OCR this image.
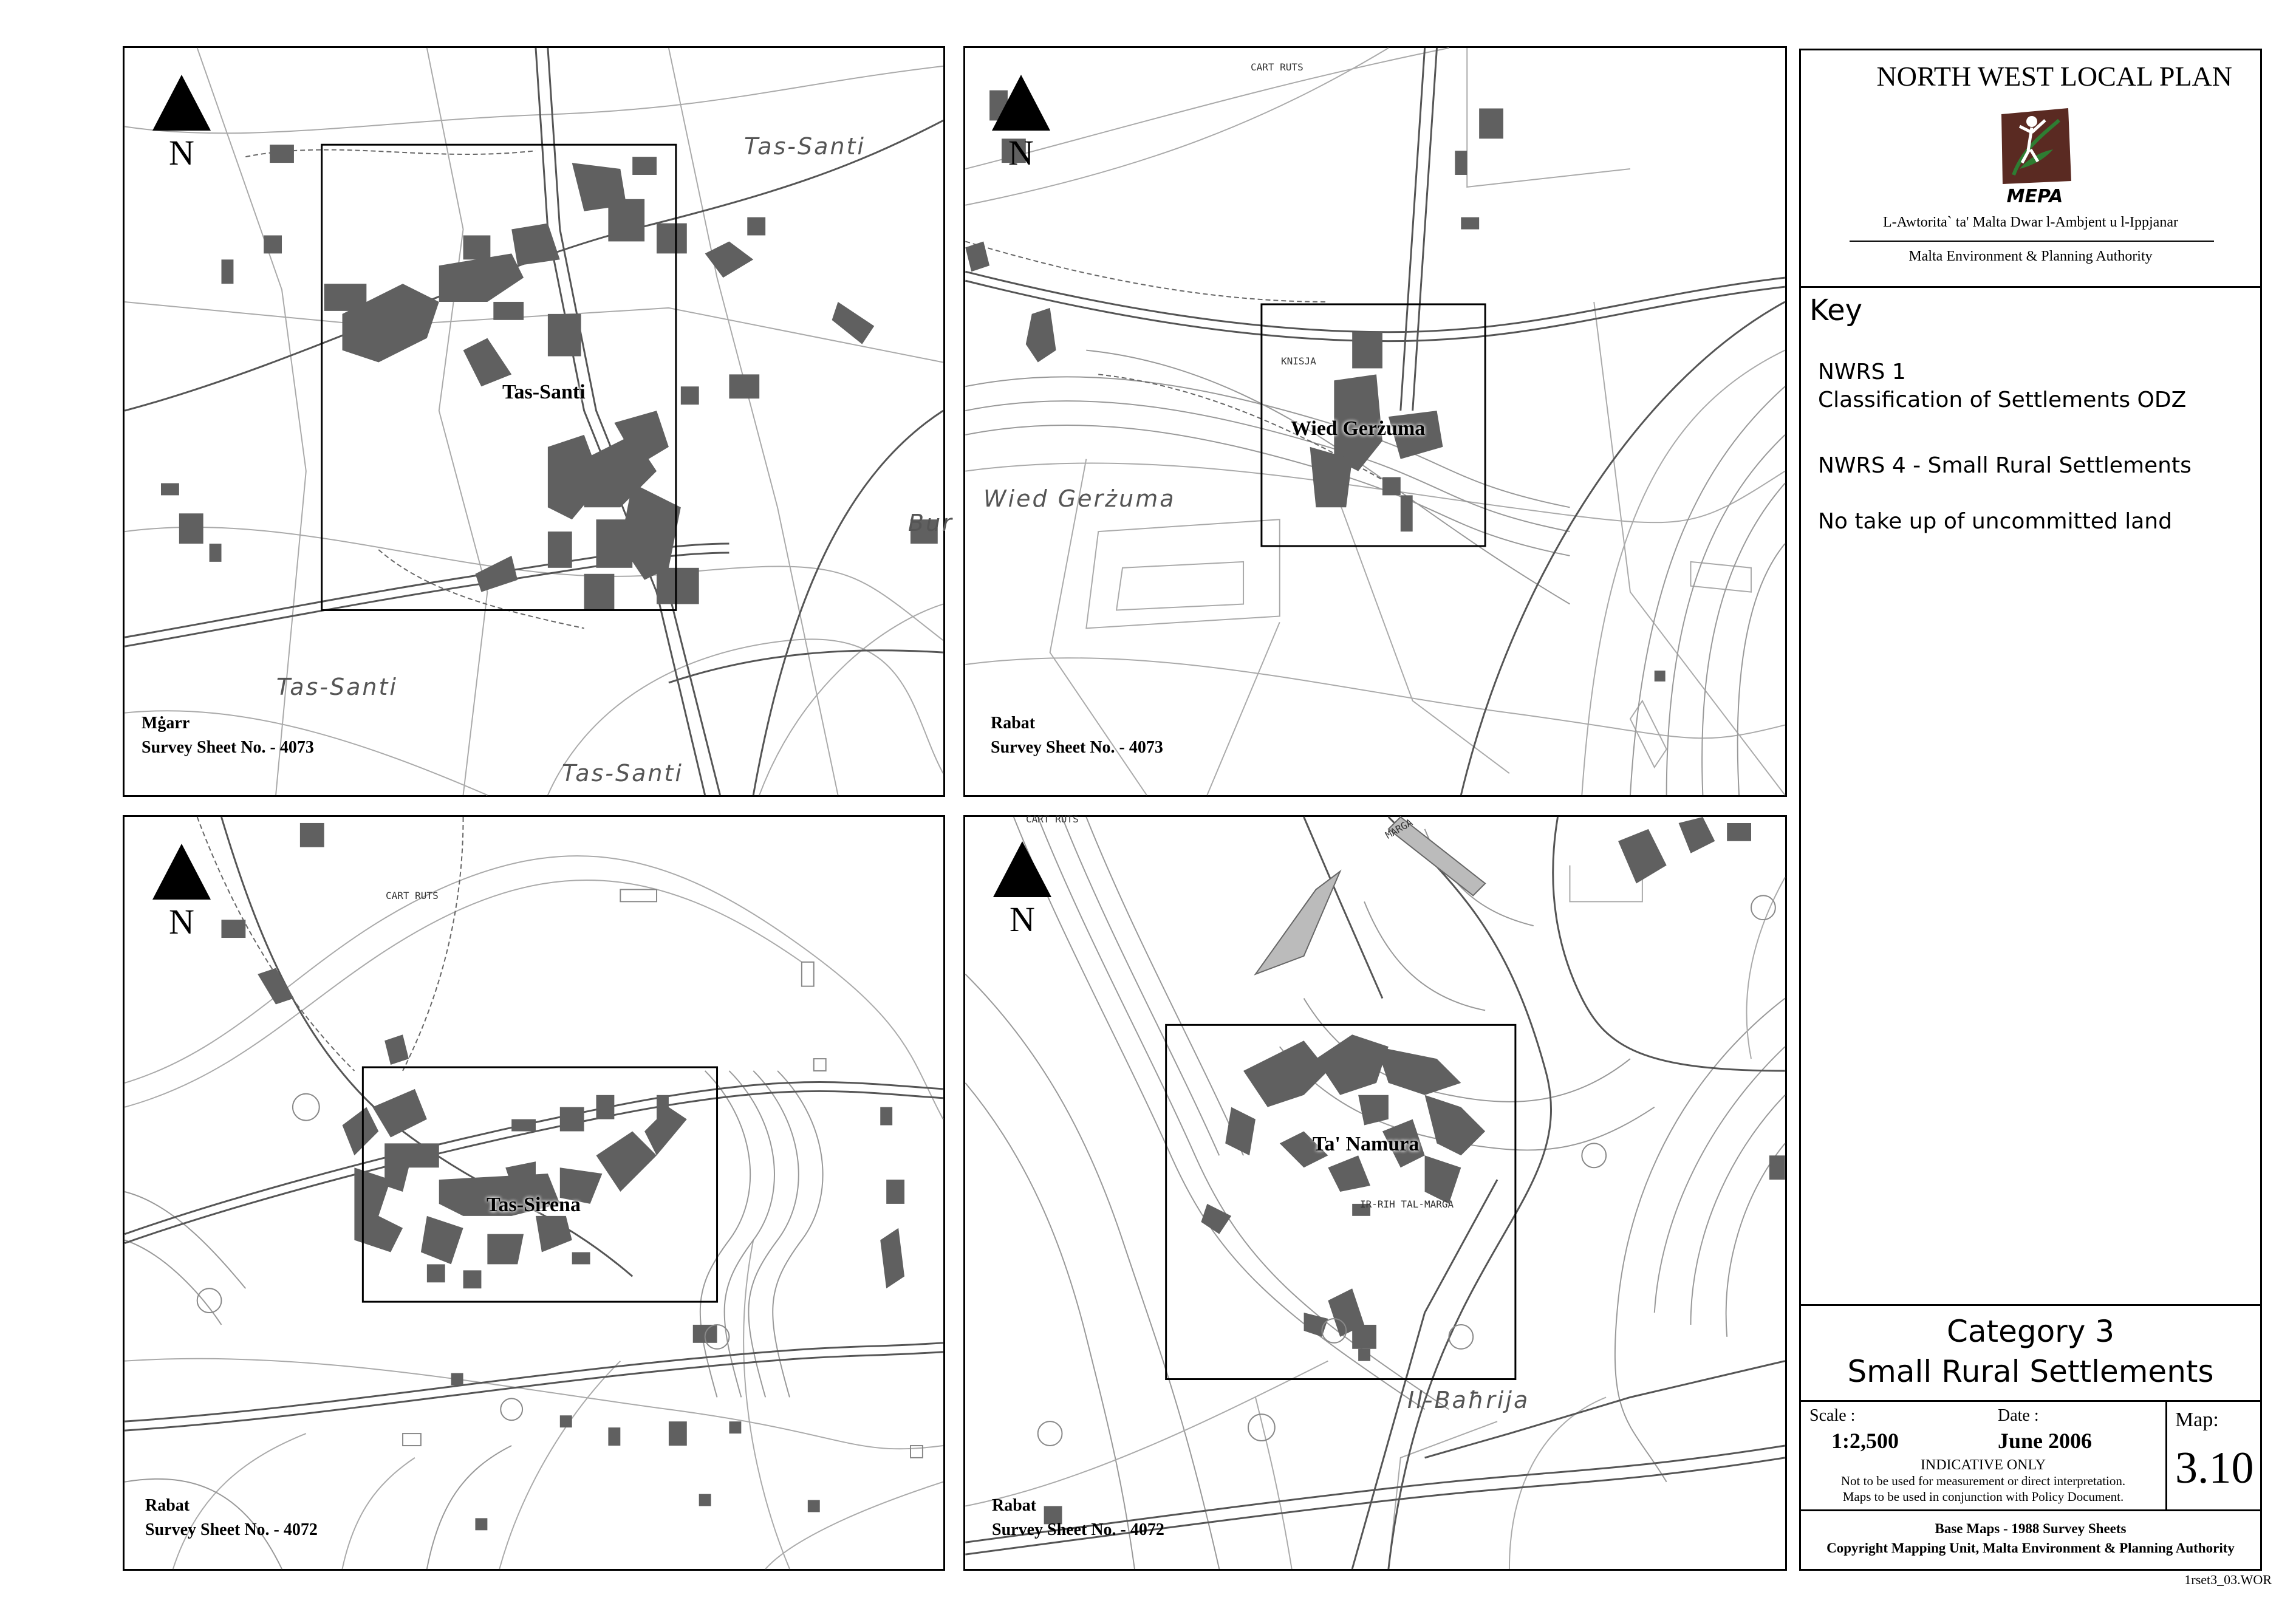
N	Tas-Santi
Tas-Santi
Tas-Santi
Bur
Tas-Santi
Mġarr
Survey Sheet No. - 4073
N
CART RUTS
KNISJA
Wied Gerżuma
Wied Gerżuma
Rabat
Survey Sheet No. - 4073
N
CART RUTS
Tas-Sirena
Rabat
Survey Sheet No. - 4072
N
CART RUTS
IR-RIH TAL-MARGA
MARGA
Il-Baħrija
Ta' Namura
Rabat
Survey Sheet No. - 4072
NORTH WEST LOCAL PLAN
MEPA
L-Awtorita` ta' Malta Dwar l-Ambjent u l-Ippjanar
Malta Environment & Planning Authority
Key
NWRS 1
Classification of Settlements ODZ
NWRS 4 - Small Rural Settlements
No take up of uncommitted land
Category 3
Small Rural Settlements
Scale :
1:2,500
Date :
June 2006
INDICATIVE ONLY
Not to be used for measurement or direct interpretation.
Maps to be used in conjunction with Policy Document.
Map:
3.10
Base Maps - 1988 Survey Sheets
Copyright Mapping Unit, Malta Environment & Planning Authority
1rset3_03.WOR
